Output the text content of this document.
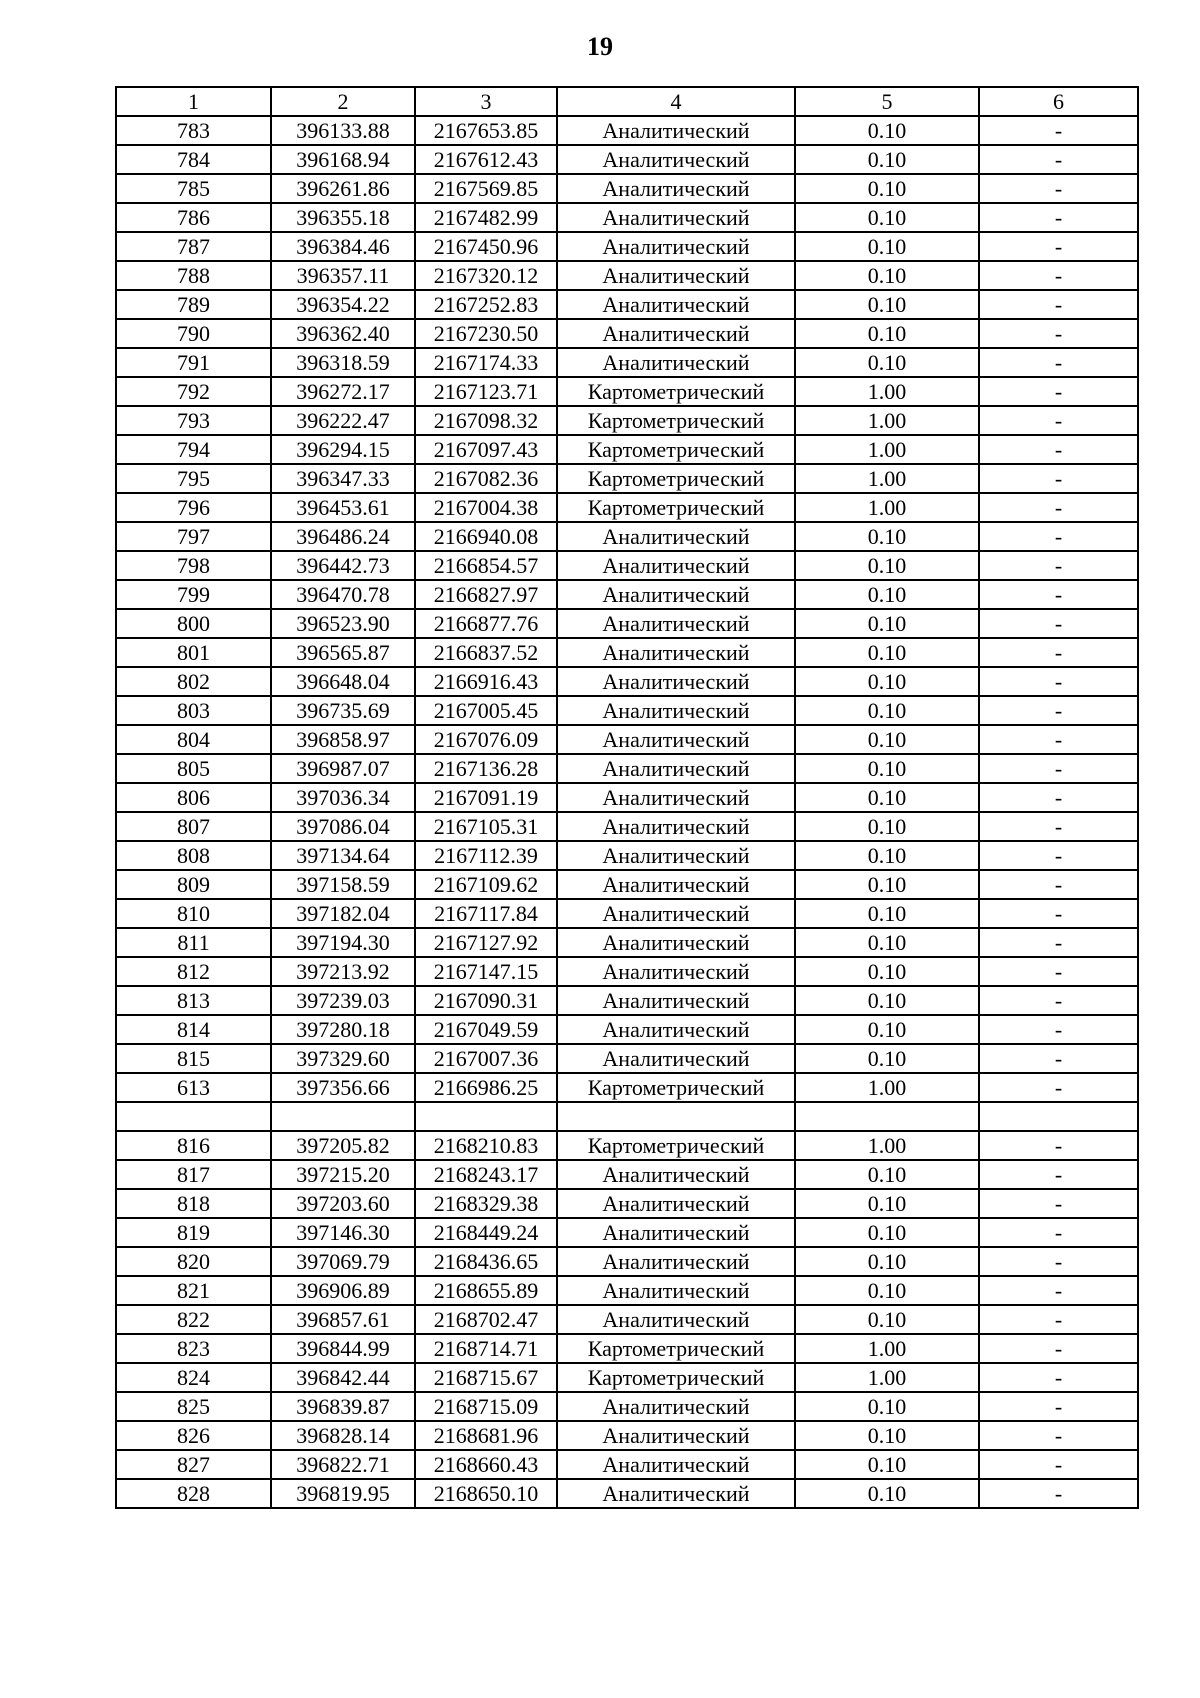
19
1	2	3	4	5	6
783	396133.88	2167653.85	Аналитический	0.10	-
784	396168.94	2167612.43	Аналитический	0.10	-
785	396261.86	2167569.85	Аналитический	0.10	-
786	396355.18	2167482.99	Аналитический	0.10	-
787	396384.46	2167450.96	Аналитический	0.10	-
788	396357.11	2167320.12	Аналитический	0.10	-
789	396354.22	2167252.83	Аналитический	0.10	-
790	396362.40	2167230.50	Аналитический	0.10	-
791	396318.59	2167174.33	Аналитический	0.10	-
792	396272.17	2167123.71	Картометрический	1.00	-
793	396222.47	2167098.32	Картометрический	1.00	-
794	396294.15	2167097.43	Картометрический	1.00	-
795	396347.33	2167082.36	Картометрический	1.00	-
796	396453.61	2167004.38	Картометрический	1.00	-
797	396486.24	2166940.08	Аналитический	0.10	-
798	396442.73	2166854.57	Аналитический	0.10	-
799	396470.78	2166827.97	Аналитический	0.10	-
800	396523.90	2166877.76	Аналитический	0.10	-
801	396565.87	2166837.52	Аналитический	0.10	-
802	396648.04	2166916.43	Аналитический	0.10	-
803	396735.69	2167005.45	Аналитический	0.10	-
804	396858.97	2167076.09	Аналитический	0.10	-
805	396987.07	2167136.28	Аналитический	0.10	-
806	397036.34	2167091.19	Аналитический	0.10	-
807	397086.04	2167105.31	Аналитический	0.10	-
808	397134.64	2167112.39	Аналитический	0.10	-
809	397158.59	2167109.62	Аналитический	0.10	-
810	397182.04	2167117.84	Аналитический	0.10	-
811	397194.30	2167127.92	Аналитический	0.10	-
812	397213.92	2167147.15	Аналитический	0.10	-
813	397239.03	2167090.31	Аналитический	0.10	-
814	397280.18	2167049.59	Аналитический	0.10	-
815	397329.60	2167007.36	Аналитический	0.10	-
613	397356.66	2166986.25	Картометрический	1.00	-

816	397205.82	2168210.83	Картометрический	1.00	-
817	397215.20	2168243.17	Аналитический	0.10	-
818	397203.60	2168329.38	Аналитический	0.10	-
819	397146.30	2168449.24	Аналитический	0.10	-
820	397069.79	2168436.65	Аналитический	0.10	-
821	396906.89	2168655.89	Аналитический	0.10	-
822	396857.61	2168702.47	Аналитический	0.10	-
823	396844.99	2168714.71	Картометрический	1.00	-
824	396842.44	2168715.67	Картометрический	1.00	-
825	396839.87	2168715.09	Аналитический	0.10	-
826	396828.14	2168681.96	Аналитический	0.10	-
827	396822.71	2168660.43	Аналитический	0.10	-
828	396819.95	2168650.10	Аналитический	0.10	-
